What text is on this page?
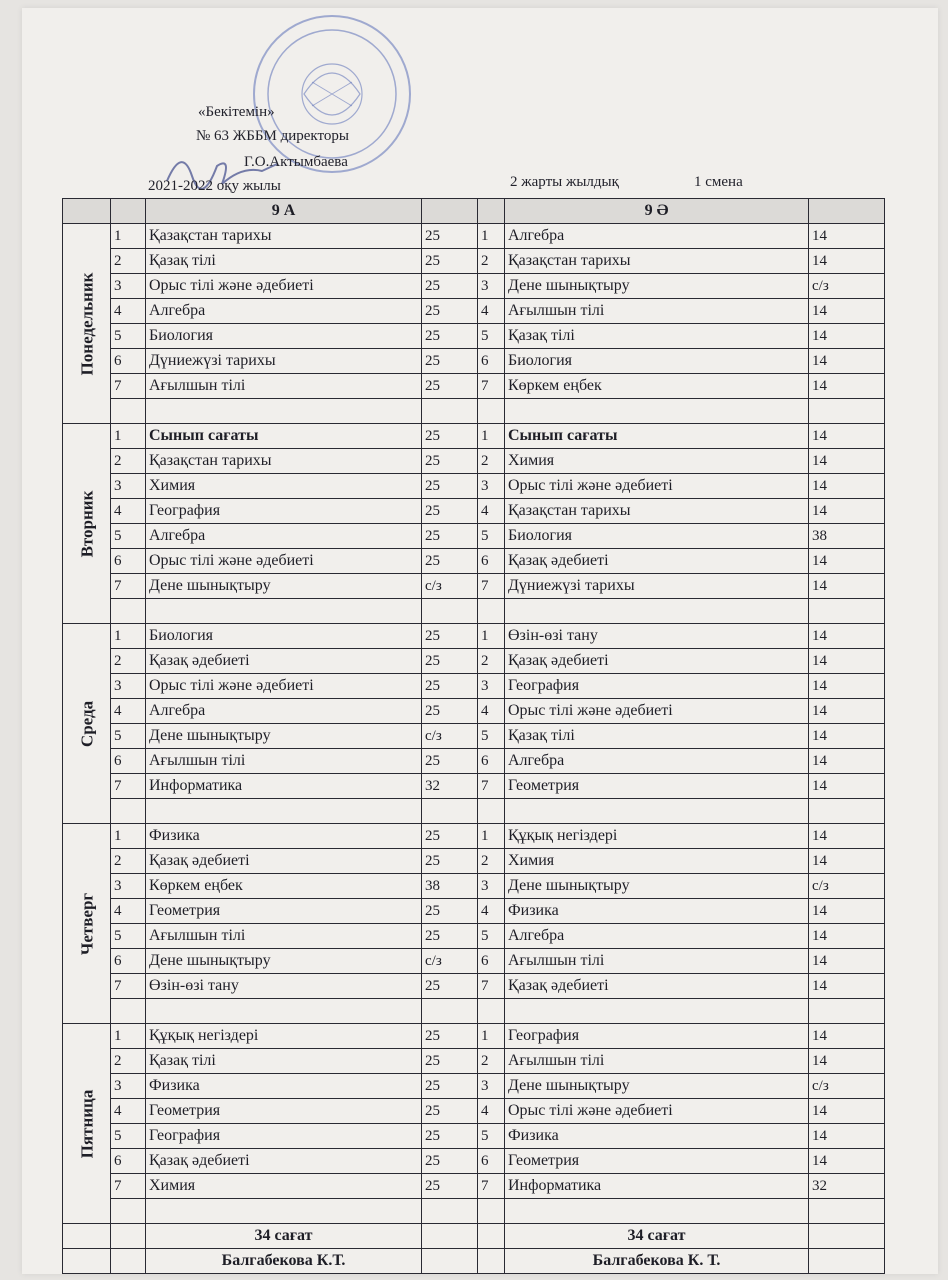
«Бекітемін»
№ 63 ЖББМ директоры
Г.О.Актымбаева
2021-2022 оқу жылы	2 жарты жылдық	1 смена
		9 А			9 Ә	

Понедельник	1	Қазақстан тарихы	25	1	Алгебра	14
	2	Қазақ тілі	25	2	Қазақстан тарихы	14
	3	Орыс тілі және әдебиеті	25	3	Дене шынықтыру	с/з
	4	Алгебра	25	4	Ағылшын тілі	14
	5	Биология	25	5	Қазақ тілі	14
	6	Дүниежүзі тарихы	25	6	Биология	14
	7	Ағылшын тілі	25	7	Көркем еңбек	14

Вторник	1	Сынып сағаты	25	1	Сынып сағаты	14
	2	Қазақстан тарихы	25	2	Химия	14
	3	Химия	25	3	Орыс тілі және әдебиеті	14
	4	География	25	4	Қазақстан тарихы	14
	5	Алгебра	25	5	Биология	38
	6	Орыс тілі және әдебиеті	25	6	Қазақ әдебиеті	14
	7	Дене шынықтыру	с/з	7	Дүниежүзі тарихы	14

Среда	1	Биология	25	1	Өзін-өзі тану	14
	2	Қазақ әдебиеті	25	2	Қазақ әдебиеті	14
	3	Орыс тілі және әдебиеті	25	3	География	14
	4	Алгебра	25	4	Орыс тілі және әдебиеті	14
	5	Дене шынықтыру	с/з	5	Қазақ тілі	14
	6	Ағылшын тілі	25	6	Алгебра	14
	7	Информатика	32	7	Геометрия	14

Четверг	1	Физика	25	1	Құқық негіздері	14
	2	Қазақ әдебиеті	25	2	Химия	14
	3	Көркем еңбек	38	3	Дене шынықтыру	с/з
	4	Геометрия	25	4	Физика	14
	5	Ағылшын тілі	25	5	Алгебра	14
	6	Дене шынықтыру	с/з	6	Ағылшын тілі	14
	7	Өзін-өзі тану	25	7	Қазақ әдебиеті	14

Пятница	1	Құқық негіздері	25	1	География	14
	2	Қазақ тілі	25	2	Ағылшын тілі	14
	3	Физика	25	3	Дене шынықтыру	с/з
	4	Геометрия	25	4	Орыс тілі және әдебиеті	14
	5	География	25	5	Физика	14
	6	Қазақ әдебиеті	25	6	Геометрия	14
	7	Химия	25	7	Информатика	32

		34 сағат			34 сағат	
		Балгабекова К.Т.			Балгабекова К. Т.	
